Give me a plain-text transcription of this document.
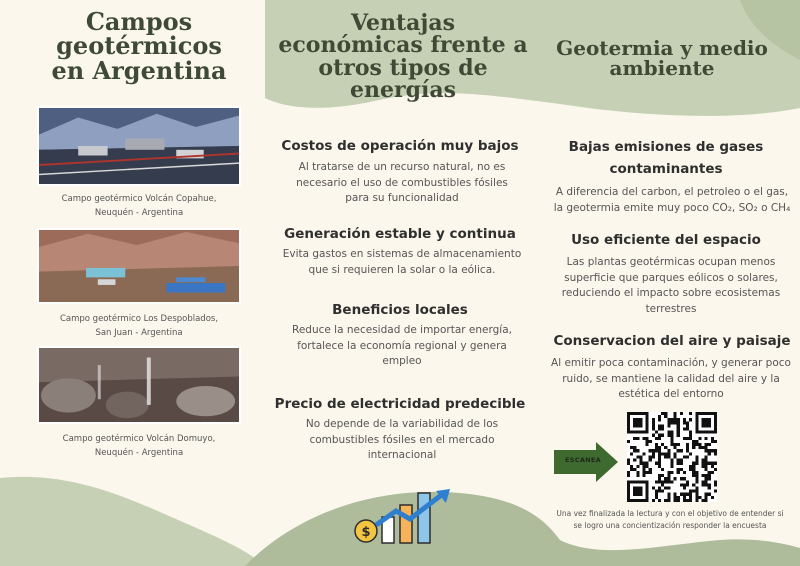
Campos geotérmicos en Argentina

Campo geotérmico Volcán Copahue, Neuquén - Argentina

Campo geotérmico Los Despoblados, San Juan - Argentina

Campo geotérmico Volcán Domuyo, Neuquén - Argentina

Ventajas económicas frente a otros tipos de energías
Costos de operación muy bajos

Al tratarse de un recurso natural, no es necesario el uso de combustibles fósiles para su funcionalidad

Generación estable y continua

Evita gastos en sistemas de almacenamiento que si requieren la solar o la eólica.

Beneficios locales

Reduce la necesidad de importar energía, fortalece la economía regional y genera empleo

Precio de electricidad predecible

No depende de la variabilidad de los combustibles fósiles en el mercado internacional

$
Geotermia y medio ambiente
Bajas emisiones de gases contaminantes

A diferencia del carbon, el petroleo o el gas, la geotermia emite muy poco CO₂, SO₂ o CH₄

Uso eficiente del espacio

Las plantas geotérmicas ocupan menos superficie que parques eólicos o solares, reduciendo el impacto sobre ecosistemas terrestres

Conservacion del aire y paisaje

Al emitir poca contaminación, y generar poco ruido, se mantiene la calidad del aire y la estética del entorno

ESCANEA

Una vez finalizada la lectura y con el objetivo de entender si se logro una concientización responder la encuesta
